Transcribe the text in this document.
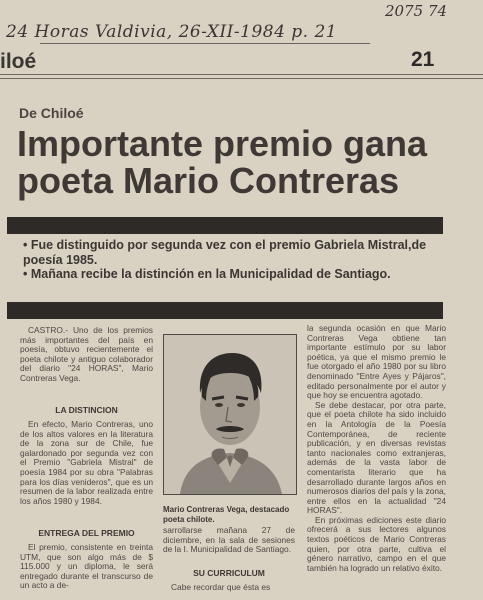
2075 74
24 Horas Valdivia, 26-XII-1984 p. 21
iloé	21
De Chiloé
Importante premio gana poeta Mario Contreras

• Fue distinguido por segunda vez con el premio Gabriela Mistral,de poesía 1985.

• Mañana recibe la distinción en la Municipalidad de Santiago.

CASTRO.- Uno de los premios más importantes del país en poesía, obtuvo recientemente el poeta chilote y antiguo colaborador del diario "24 HORAS", Mario Contreras Vega.

LA DISTINCION

En efecto, Mario Contreras, uno de los altos valores en la literatura de la zona sur de Chile, fue galardonado por segunda vez con el Premio "Gabriela Mistral" de poesía 1984 por su obra "Palabras para los días venideros", que es un resumen de la labor realizada entre los años 1980 y 1984.

ENTREGA DEL PREMIO

El premio, consistente en treinta UTM, que son algo más de $ 115.000 y un diploma, le será entregado durante el transcurso de un acto a de-

Mario Contreras Vega, destacado poeta chilote.

sarrollarse mañana 27 de diciembre, en la sala de sesiones de la I. Municipalidad de Santiago.

SU CURRICULUM

Cabe recordar que ésta es

la segunda ocasión en que Mario Contreras Vega obtiene tan importante estímulo por su labor poética, ya que el mismo premio le fue otorgado el año 1980 por su libro denominado "Entre Ayes y Pájaros", editado personalmente por el autor y que hoy se encuentra agotado.

Se debe destacar, por otra parte, que el poeta chilote ha sido incluido en la Antología de la Poesía Contemporánea, de reciente publicación, y en diversas revistas tanto nacionales como extranjeras, además de la vasta labor de comentarista literario que ha desarrollado durante largos años en numerosos diarios del país y la zona, entre ellos en la actualidad "24 HORAS".

En próximas ediciones este diario ofrecerá a sus lectores algunos textos poéticos de Mario Contreras quien, por otra parte, cultiva el género narrativo, campo en el que también ha logrado un relativo éxito.
